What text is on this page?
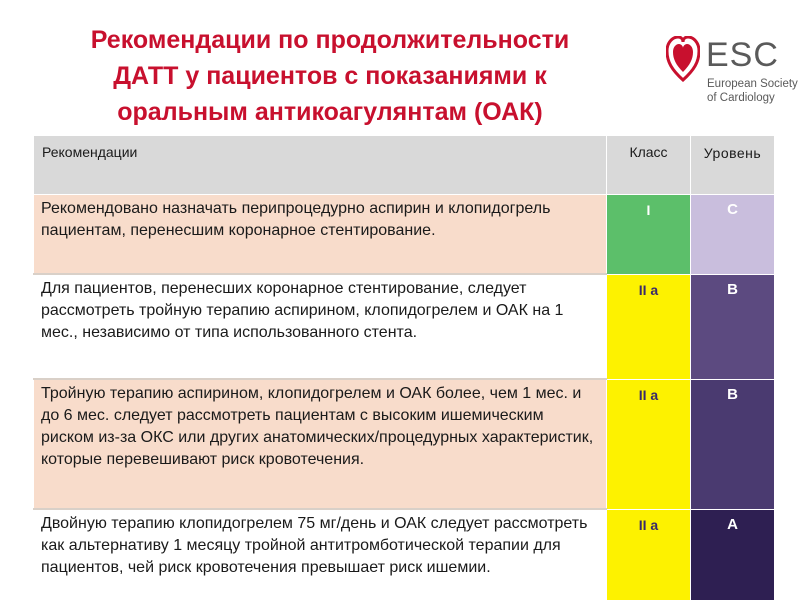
Рекомендации по продолжительности
ДАТТ у пациентов с показаниями к
оральным антикоагулянтам (ОАК)
ESC
European Society
of Cardiology
Рекомендации	Класс	Уровень

Рекомендовано назначать перипроцедурно аспирин и клопидогрель пациентам, перенесшим коронарное стентирование.	I	C
Для пациентов, перенесших коронарное стентирование, следует рассмотреть тройную терапию аспирином, клопидогрелем и ОАК на 1 мес., независимо от типа использованного стента.	II a	B
Тройную терапию аспирином, клопидогрелем и ОАК более, чем 1 мес. и до 6 мес. следует рассмотреть пациентам с высоким ишемическим риском из-за ОКС или других анатомических/процедурных характеристик, которые перевешивают риск кровотечения.	II a	B
Двойную терапию клопидогрелем 75 мг/день и ОАК следует рассмотреть как альтернативу 1 месяцу тройной антитромботической терапии для пациентов, чей риск кровотечения превышает риск ишемии.	II a	A
